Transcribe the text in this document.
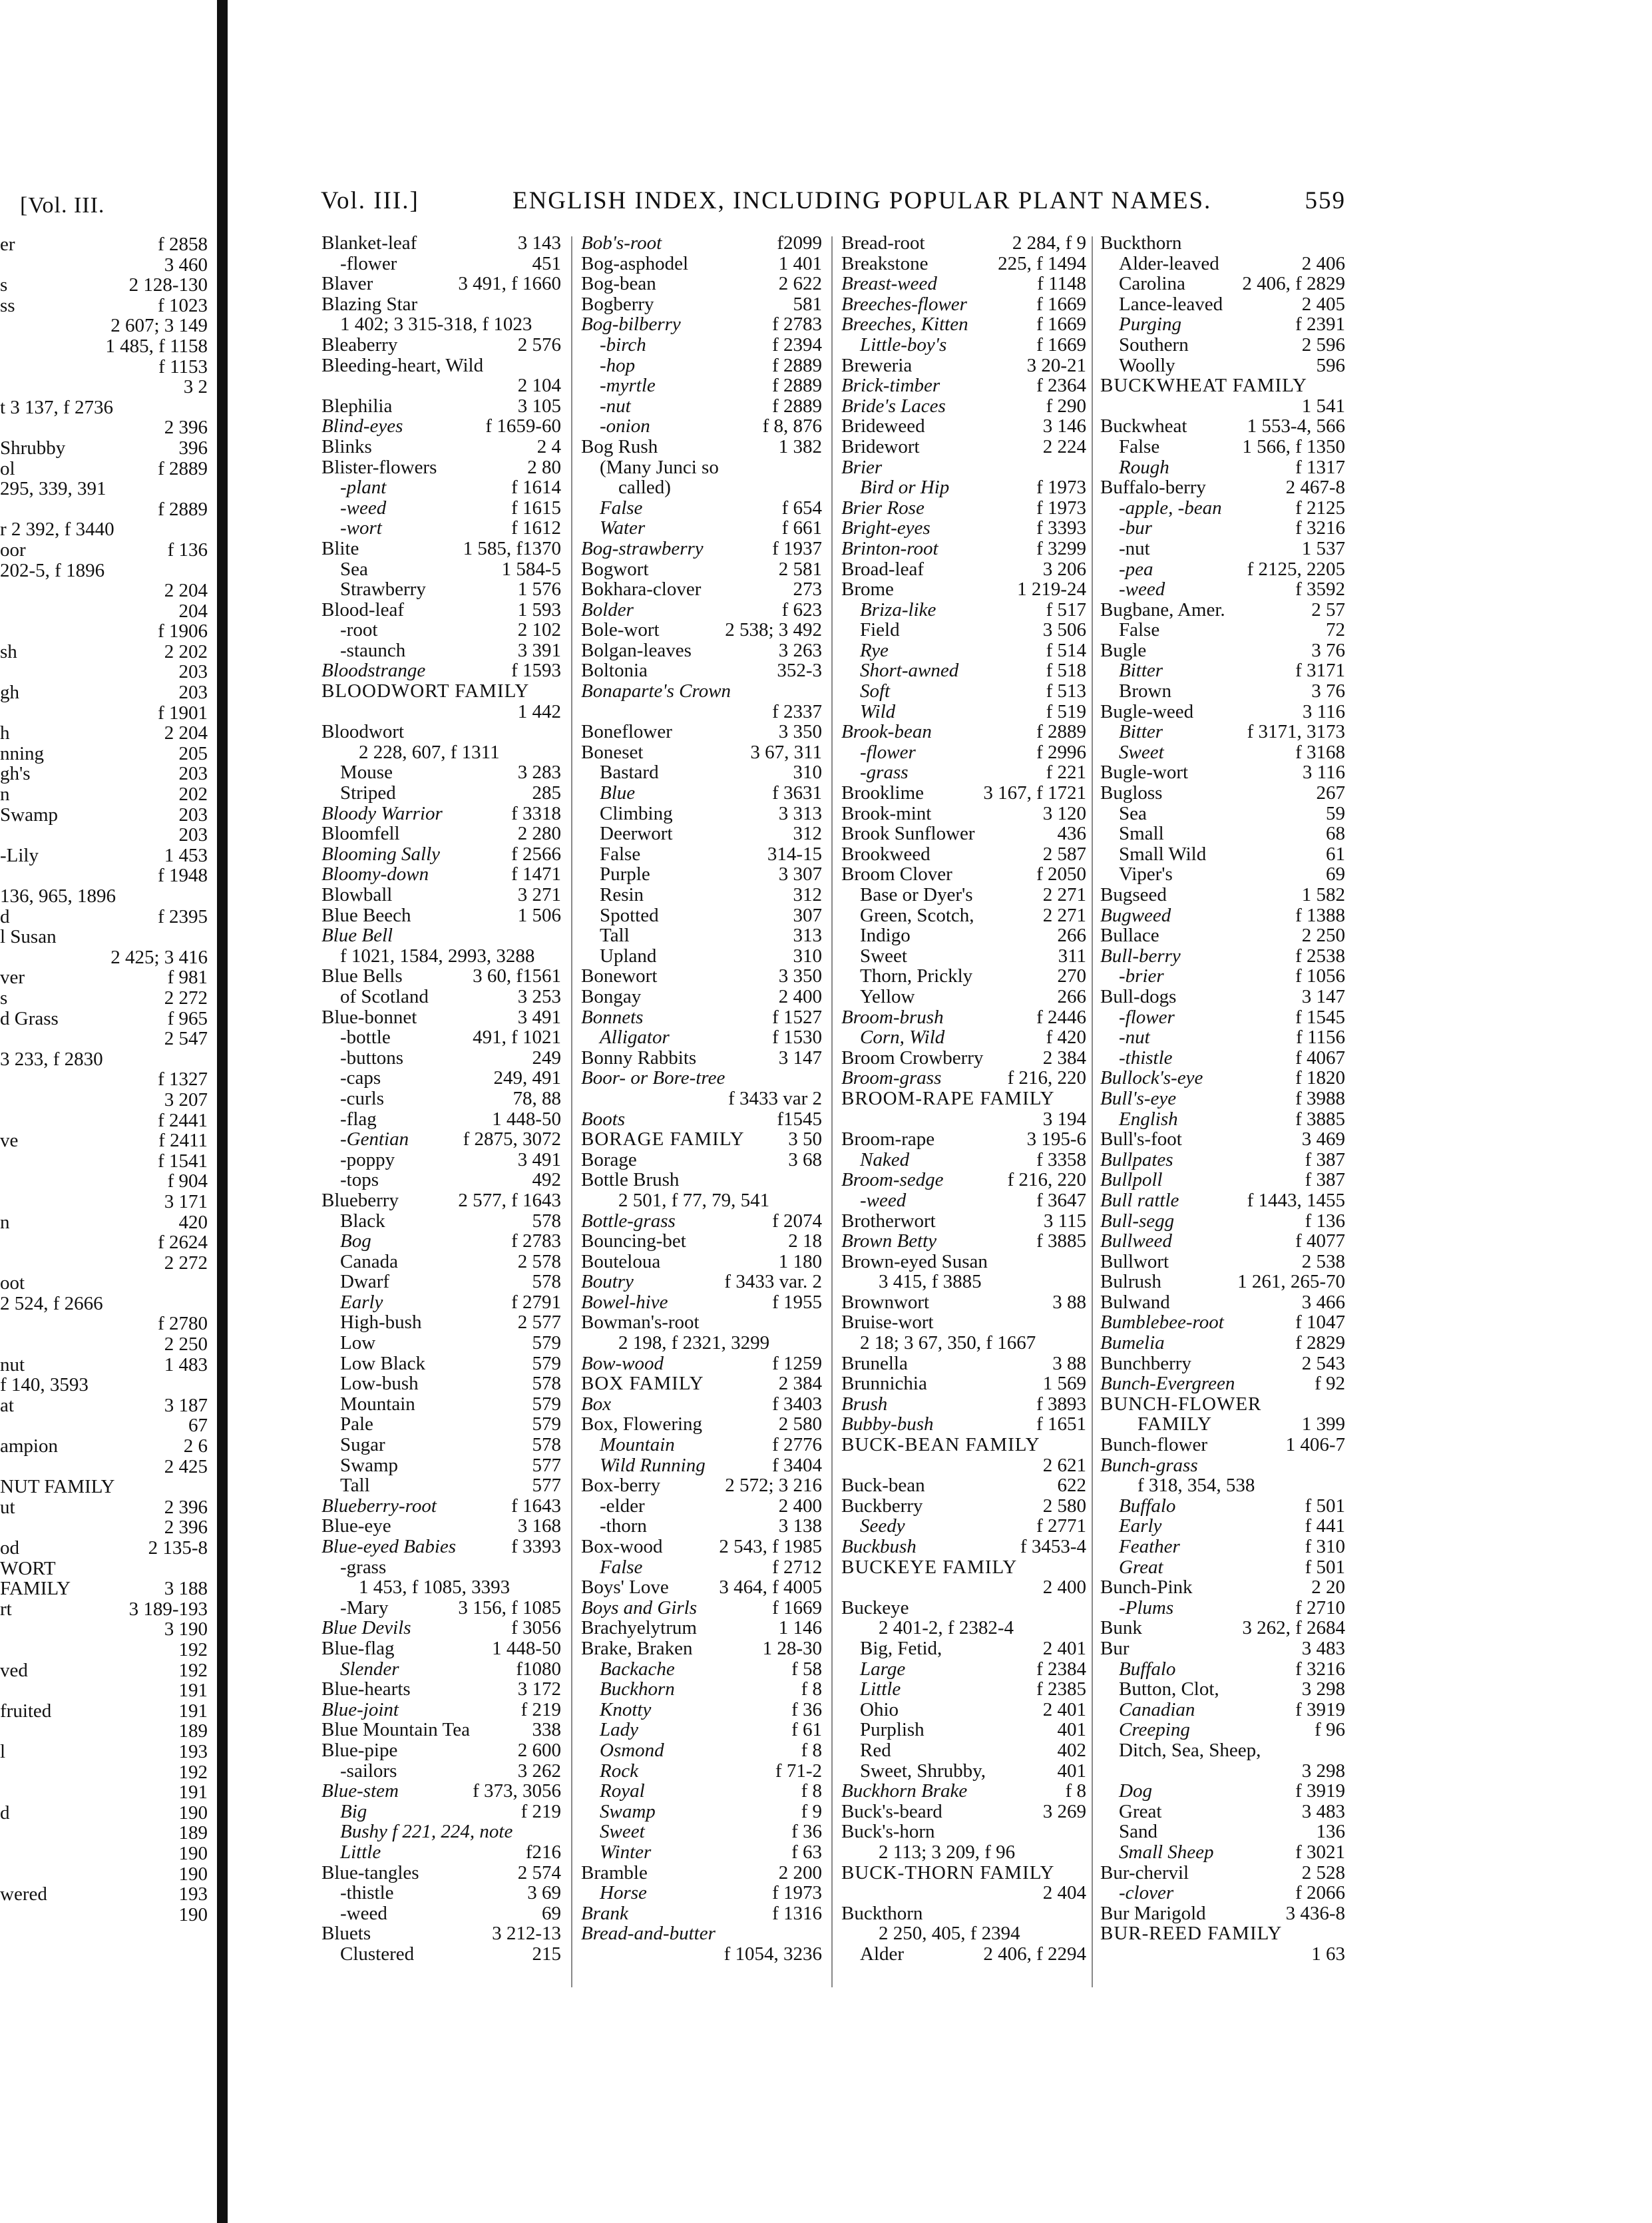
[Vol. III.
er	f 2858
3 460
s	2 128-130
ss	f 1023
2 607; 3 149
1 485, f 1158
f 1153
3 2
t 3 137, f 2736
2 396
Shrubby	396
ol	f 2889
295, 339, 391
f 2889
r 2 392, f 3440
oor	f 136
202-5, f 1896
2 204
204
f 1906
sh	2 202
203
gh	203
f 1901
h	2 204
nning	205
gh's	203
n	202
Swamp	203
203
-Lily	1 453
f 1948
136, 965, 1896
d	f 2395
l Susan
2 425; 3 416
ver	f 981
s	2 272
d Grass	f 965
2 547
3 233, f 2830
f 1327
3 207
f 2441
ve	f 2411
f 1541
f 904
3 171
n	420
f 2624
2 272
oot
2 524, f 2666
f 2780
2 250
nut	1 483
f 140, 3593
at	3 187
67
ampion	2 6
2 425
NUT FAMILY
ut	2 396
2 396
od	2 135-8
WORT
FAMILY	3 188
rt	3 189-193
3 190
192
ved	192
191
fruited	191
189
l	193
192
191
d	190
189
190
190
wered	193
190
Vol. III.]	ENGLISH INDEX, INCLUDING POPULAR PLANT NAMES.	559
Blanket-leaf	3 143
-flower	451
Blaver	3 491, f 1660
Blazing Star
1 402; 3 315-318, f 1023
Bleaberry	2 576
Bleeding-heart, Wild
2 104
Blephilia	3 105
Blind-eyes	f 1659-60
Blinks	2 4
Blister-flowers	2 80
-plant	f 1614
-weed	f 1615
-wort	f 1612
Blite	1 585, f1370
Sea	1 584-5
Strawberry	1 576
Blood-leaf	1 593
-root	2 102
-staunch	3 391
Bloodstrange	f 1593
BLOODWORT FAMILY
1 442
Bloodwort
2 228, 607, f 1311
Mouse	3 283
Striped	285
Bloody Warrior	f 3318
Bloomfell	2 280
Blooming Sally	f 2566
Bloomy-down	f 1471
Blowball	3 271
Blue Beech	1 506
Blue Bell
f 1021, 1584, 2993, 3288
Blue Bells	3 60, f1561
of Scotland	3 253
Blue-bonnet	3 491
-bottle	491, f 1021
-buttons	249
-caps	249, 491
-curls	78, 88
-flag	1 448-50
-Gentian	f 2875, 3072
-poppy	3 491
-tops	492
Blueberry	2 577, f 1643
Black	578
Bog	f 2783
Canada	2 578
Dwarf	578
Early	f 2791
High-bush	2 577
Low	579
Low Black	579
Low-bush	578
Mountain	579
Pale	579
Sugar	578
Swamp	577
Tall	577
Blueberry-root	f 1643
Blue-eye	3 168
Blue-eyed Babies	f 3393
-grass
1 453, f 1085, 3393
-Mary	3 156, f 1085
Blue Devils	f 3056
Blue-flag	1 448-50
Slender	f1080
Blue-hearts	3 172
Blue-joint	f 219
Blue Mountain Tea	338
Blue-pipe	2 600
-sailors	3 262
Blue-stem	f 373, 3056
Big	f 219
Bushy f 221, 224, note
Little	f216
Blue-tangles	2 574
-thistle	3 69
-weed	69
Bluets	3 212-13
Clustered	215
Bob's-root	f2099
Bog-asphodel	1 401
Bog-bean	2 622
Bogberry	581
Bog-bilberry	f 2783
-birch	f 2394
-hop	f 2889
-myrtle	f 2889
-nut	f 2889
-onion	f 8, 876
Bog Rush	1 382
(Many Junci so
called)
False	f 654
Water	f 661
Bog-strawberry	f 1937
Bogwort	2 581
Bokhara-clover	273
Bolder	f 623
Bole-wort	2 538; 3 492
Bolgan-leaves	3 263
Boltonia	352-3
Bonaparte's Crown
f 2337
Boneflower	3 350
Boneset	3 67, 311
Bastard	310
Blue	f 3631
Climbing	3 313
Deerwort	312
False	314-15
Purple	3 307
Resin	312
Spotted	307
Tall	313
Upland	310
Bonewort	3 350
Bongay	2 400
Bonnets	f 1527
Alligator	f 1530
Bonny Rabbits	3 147
Boor- or Bore-tree
f 3433 var 2
Boots	f1545
BORAGE FAMILY 3 50
Borage	3 68
Bottle Brush
2 501, f 77, 79, 541
Bottle-grass	f 2074
Bouncing-bet	2 18
Bouteloua	1 180
Boutry	f 3433 var. 2
Bowel-hive	f 1955
Bowman's-root
2 198, f 2321, 3299
Bow-wood	f 1259
BOX FAMILY	2 384
Box	f 3403
Box, Flowering	2 580
Mountain	f 2776
Wild Running	f 3404
Box-berry	2 572; 3 216
-elder	2 400
-thorn	3 138
Box-wood	2 543, f 1985
False	f 2712
Boys' Love	3 464, f 4005
Boys and Girls	f 1669
Brachyelytrum	1 146
Brake, Braken	1 28-30
Backache	f 58
Buckhorn	f 8
Knotty	f 36
Lady	f 61
Osmond	f 8
Rock	f 71-2
Royal	f 8
Swamp	f 9
Sweet	f 36
Winter	f 63
Bramble	2 200
Horse	f 1973
Brank	f 1316
Bread-and-butter
f 1054, 3236
Bread-root	2 284, f 9
Breakstone	225, f 1494
Breast-weed	f 1148
Breeches-flower	f 1669
Breeches, Kitten	f 1669
Little-boy's	f 1669
Breweria	3 20-21
Brick-timber	f 2364
Bride's Laces	f 290
Brideweed	3 146
Bridewort	2 224
Brier
Bird or Hip	f 1973
Brier Rose	f 1973
Bright-eyes	f 3393
Brinton-root	f 3299
Broad-leaf	3 206
Brome	1 219-24
Briza-like	f 517
Field	3 506
Rye	f 514
Short-awned	f 518
Soft	f 513
Wild	f 519
Brook-bean	f 2889
-flower	f 2996
-grass	f 221
Brooklime	3 167, f 1721
Brook-mint	3 120
Brook Sunflower	436
Brookweed	2 587
Broom Clover	f 2050
Base or Dyer's	2 271
Green, Scotch,	2 271
Indigo	266
Sweet	311
Thorn, Prickly	270
Yellow	266
Broom-brush	f 2446
Corn, Wild	f 420
Broom Crowberry	2 384
Broom-grass	f 216, 220
BROOM-RAPE FAMILY
3 194
Broom-rape	3 195-6
Naked	f 3358
Broom-sedge	f 216, 220
-weed	f 3647
Brotherwort	3 115
Brown Betty	f 3885
Brown-eyed Susan
3 415, f 3885
Brownwort	3 88
Bruise-wort
2 18; 3 67, 350, f 1667
Brunella	3 88
Brunnichia	1 569
Brush	f 3893
Bubby-bush	f 1651
BUCK-BEAN FAMILY
2 621
Buck-bean	622
Buckberry	2 580
Seedy	f 2771
Buckbush	f 3453-4
BUCKEYE FAMILY
2 400
Buckeye
2 401-2, f 2382-4
Big, Fetid,	2 401
Large	f 2384
Little	f 2385
Ohio	2 401
Purplish	401
Red	402
Sweet, Shrubby,	401
Buckhorn Brake	f 8
Buck's-beard	3 269
Buck's-horn
2 113; 3 209, f 96
BUCK-THORN FAMILY
2 404
Buckthorn
2 250, 405, f 2394
Alder	2 406, f 2294
Buckthorn
Alder-leaved	2 406
Carolina	2 406, f 2829
Lance-leaved	2 405
Purging	f 2391
Southern	2 596
Woolly	596
BUCKWHEAT FAMILY
1 541
Buckwheat	1 553-4, 566
False	1 566, f 1350
Rough	f 1317
Buffalo-berry	2 467-8
-apple, -bean	f 2125
-bur	f 3216
-nut	1 537
-pea	f 2125, 2205
-weed	f 3592
Bugbane, Amer.	2 57
False	72
Bugle	3 76
Bitter	f 3171
Brown	3 76
Bugle-weed	3 116
Bitter	f 3171, 3173
Sweet	f 3168
Bugle-wort	3 116
Bugloss	267
Sea	59
Small	68
Small Wild	61
Viper's	69
Bugseed	1 582
Bugweed	f 1388
Bullace	2 250
Bull-berry	f 2538
-brier	f 1056
Bull-dogs	3 147
-flower	f 1545
-nut	f 1156
-thistle	f 4067
Bullock's-eye	f 1820
Bull's-eye	f 3988
English	f 3885
Bull's-foot	3 469
Bullpates	f 387
Bullpoll	f 387
Bull rattle	f 1443, 1455
Bull-segg	f 136
Bullweed	f 4077
Bullwort	2 538
Bulrush	1 261, 265-70
Bulwand	3 466
Bumblebee-root	f 1047
Bumelia	f 2829
Bunchberry	2 543
Bunch-Evergreen	f 92
BUNCH-FLOWER
FAMILY	1 399
Bunch-flower	1 406-7
Bunch-grass
f 318, 354, 538
Buffalo	f 501
Early	f 441
Feather	f 310
Great	f 501
Bunch-Pink	2 20
-Plums	f 2710
Bunk	3 262, f 2684
Bur	3 483
Buffalo	f 3216
Button, Clot,	3 298
Canadian	f 3919
Creeping	f 96
Ditch, Sea, Sheep,
3 298
Dog	f 3919
Great	3 483
Sand	136
Small Sheep	f 3021
Bur-chervil	2 528
-clover	f 2066
Bur Marigold	3 436-8
BUR-REED FAMILY
1 63
